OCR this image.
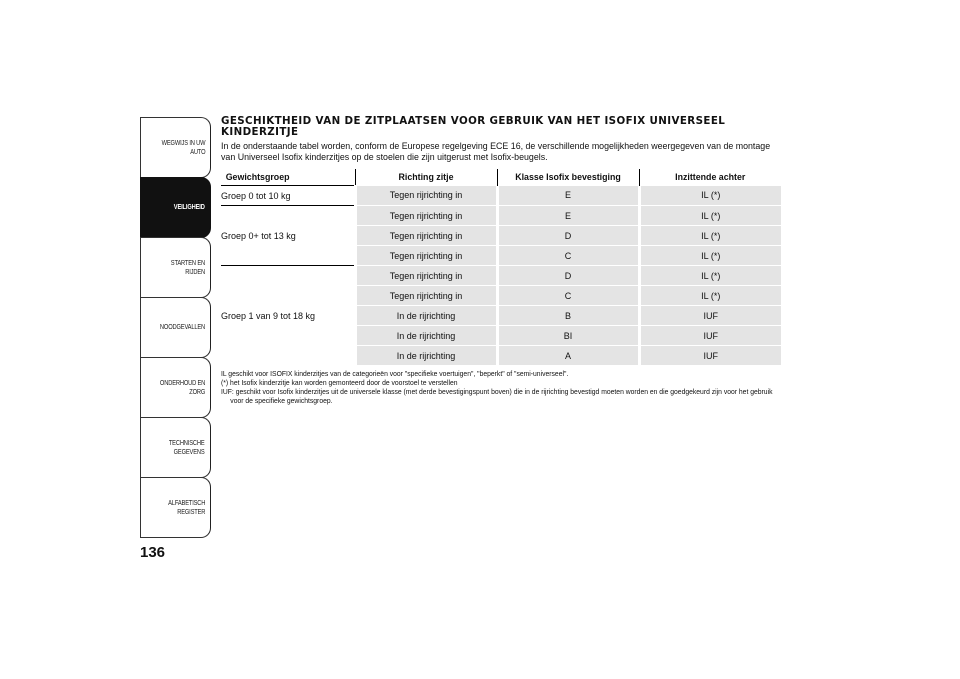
WEGWIJS IN UW
AUTO
VEILIGHEID
STARTEN EN RIJDEN
NOODGEVALLEN
ONDERHOUD EN
ZORG
TECHNISCHE
GEGEVENS
ALFABETISCH
REGISTER
136
GESCHIKTHEID VAN DE ZITPLAATSEN VOOR GEBRUIK VAN HET ISOFIX UNIVERSEEL KINDERZITJE

In de onderstaande tabel worden, conform de Europese regelgeving ECE 16, de verschillende mogelijkheden weergegeven van de montage van Universeel Isofix kinderzitjes op de stoelen die zijn uitgerust met Isofix-beugels.

Gewichtsgroep	Richting zitje	Klasse Isofix bevestiging	Inzittende achter
Groep 0 tot 10 kg	Tegen rijrichting in	E	IL (*)
Groep 0+ tot 13 kg	Tegen rijrichting in	E	IL (*)
	Tegen rijrichting in	D	IL (*)
	Tegen rijrichting in	C	IL (*)
Groep 1 van 9 tot 18 kg	Tegen rijrichting in	D	IL (*)
	Tegen rijrichting in	C	IL (*)
	In de rijrichting	B	IUF
	In de rijrichting	BI	IUF
	In de rijrichting	A	IUF

IL geschikt voor ISOFIX kinderzitjes van de categorieën voor "specifieke voertuigen", "beperkt" of "semi-universeel".

(*) het Isofix kinderzitje kan worden gemonteerd door de voorstoel te verstellen

IUF: geschikt voor Isofix kinderzitjes uit de universele klasse (met derde bevestigingspunt boven) die in de rijrichting bevestigd moeten worden en die goedgekeurd zijn voor het gebruik voor de specifieke gewichtsgroep.
